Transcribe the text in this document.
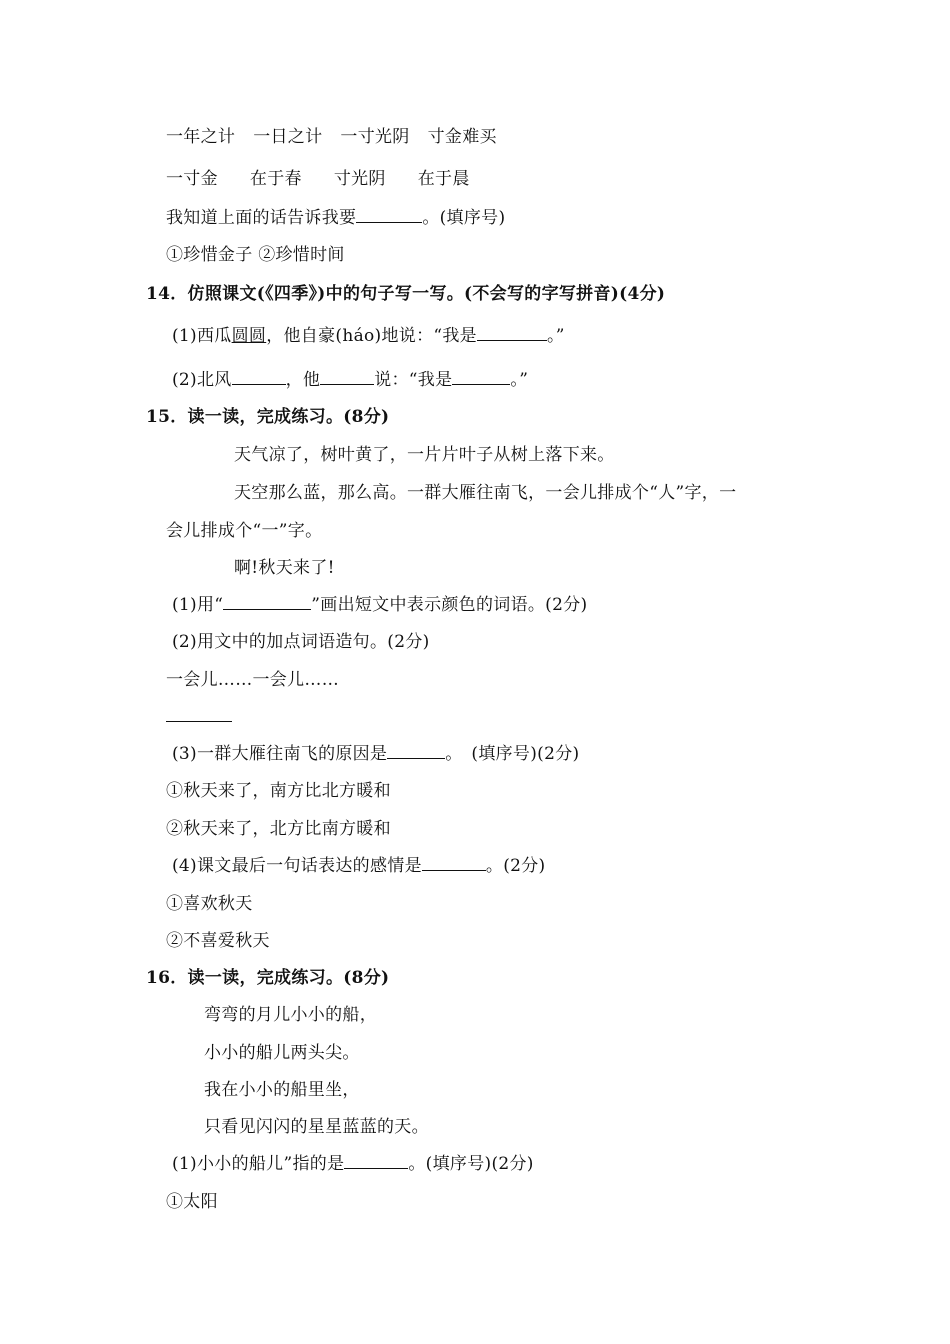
一年之计 一日之计 一寸光阴 寸金难买
一寸金 在于春 寸光阴 在于晨
我知道上面的话告诉我要	。(填序号)
①珍惜金子 ②珍惜时间
14．仿照课文(《四季》)中的句子写一写。(不会写的字写拼音)(4分)
(1)西瓜圆圆，他自豪(háo)地说：“我是	。”
(2)北风	，他	说：“我是	。”
15．读一读，完成练习。(8分)
天气凉了，树叶黄了，一片片叶子从树上落下来。
天空那么蓝，那么高。一群大雁往南飞，一会儿排成个“人”字，一
会儿排成个“一”字。
啊!秋天来了!
(1)用“	”画出短文中表示颜色的词语。(2分)
(2)用文中的加点词语造句。(2分)
一会儿……一会儿……
(3)一群大雁往南飞的原因是	。　(填序号)(2分)
①秋天来了，南方比北方暖和
②秋天来了，北方比南方暖和
(4)课文最后一句话表达的感情是	。(2分)
①喜欢秋天
②不喜爱秋天
16．读一读，完成练习。(8分)
弯弯的月儿小小的船，
小小的船儿两头尖。
我在小小的船里坐，
只看见闪闪的星星蓝蓝的天。
(1)小小的船儿”指的是	。(填序号)(2分)
①太阳
